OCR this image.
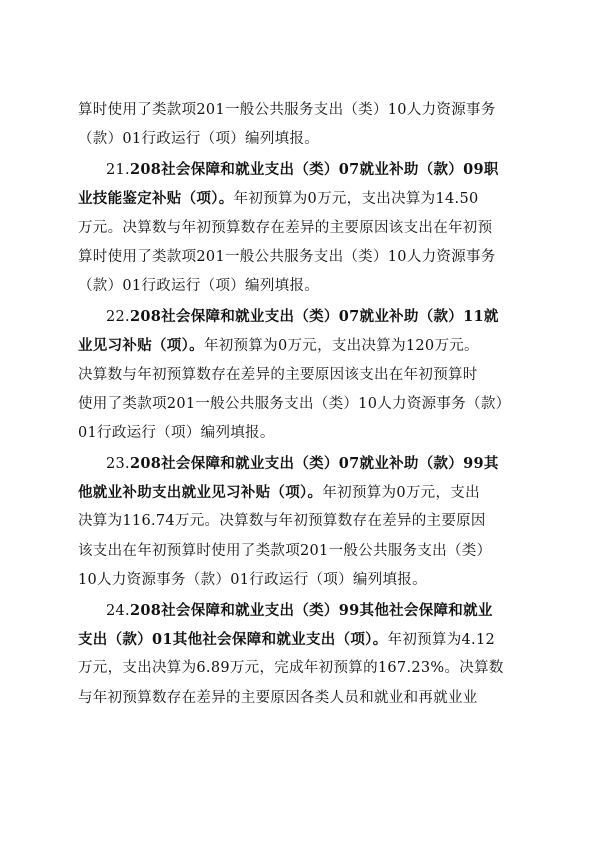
算时使用了类款项201一般公共服务支出（类）10人力资源事务
（款）01行政运行（项）编列填报。
21.208社会保障和就业支出（类）07就业补助（款）09职
业技能鉴定补贴（项）。年初预算为0万元，支出决算为14.50
万元。决算数与年初预算数存在差异的主要原因该支出在年初预
算时使用了类款项201一般公共服务支出（类）10人力资源事务
（款）01行政运行（项）编列填报。
22.208社会保障和就业支出（类）07就业补助（款）11就
业见习补贴（项）。年初预算为0万元，支出决算为120万元。
决算数与年初预算数存在差异的主要原因该支出在年初预算时
使用了类款项201一般公共服务支出（类）10人力资源事务（款）
01行政运行（项）编列填报。
23.208社会保障和就业支出（类）07就业补助（款）99其
他就业补助支出就业见习补贴（项）。年初预算为0万元，支出
决算为116.74万元。决算数与年初预算数存在差异的主要原因
该支出在年初预算时使用了类款项201一般公共服务支出（类）
10人力资源事务（款）01行政运行（项）编列填报。
24.208社会保障和就业支出（类）99其他社会保障和就业
支出（款）01其他社会保障和就业支出（项）。年初预算为4.12
万元，支出决算为6.89万元，完成年初预算的167.23%。决算数
与年初预算数存在差异的主要原因各类人员和就业和再就业业
